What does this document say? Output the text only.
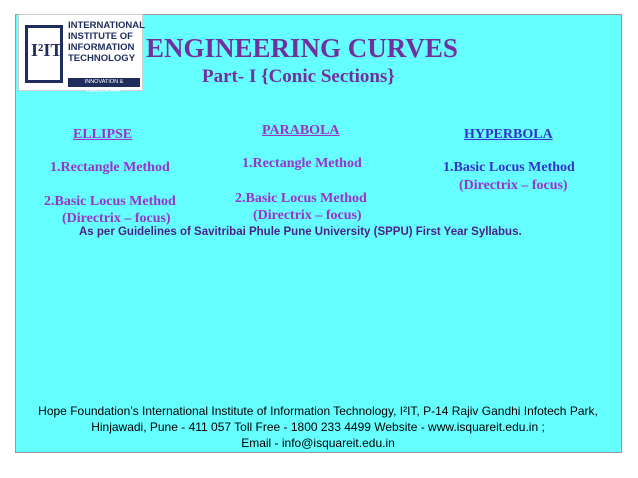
I²IT
INTERNATIONAL
INSTITUTE OF
INFORMATION
TECHNOLOGY
INNOVATION & LEADERSHIP
ENGINEERING CURVES
Part- I {Conic Sections}
ELLIPSE
1.Rectangle Method
2.Basic Locus Method
(Directrix – focus)
PARABOLA
1.Rectangle Method
2.Basic Locus Method
(Directrix – focus)
HYPERBOLA
1.Basic Locus Method
(Directrix – focus)
As per Guidelines of Savitribai Phule Pune University (SPPU) First Year Syllabus.
Hope Foundation’s International Institute of Information Technology, I²IT, P-14 Rajiv Gandhi Infotech Park,
Hinjawadi, Pune - 411 057 Toll Free - 1800 233 4499 Website - www.isquareit.edu.in ;
Email - info@isquareit.edu.in
